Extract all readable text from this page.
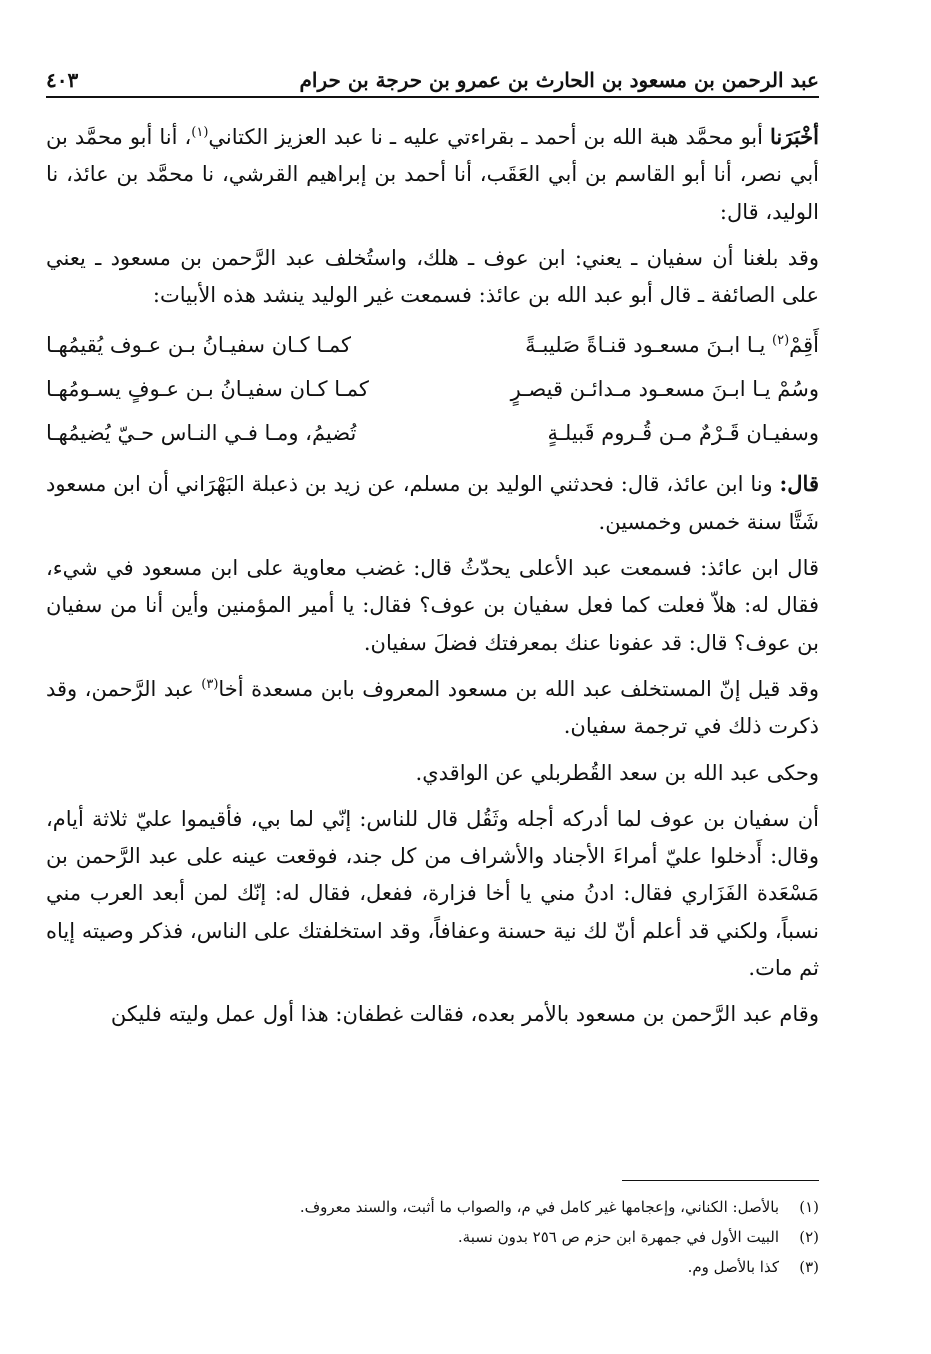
عبد الرحمن بن مسعود بن الحارث بن عمرو بن حرجة بن حرام
٤٠٣

أخْبَرَنا أبو محمَّد هبة الله بن أحمد ـ بقراءتي عليه ـ نا عبد العزيز الكتاني$^{(١)}$، أنا أبو محمَّد بن أبي نصر، أنا أبو القاسم بن أبي العَقَب، أنا أحمد بن إبراهيم القرشي، نا محمَّد بن عائذ، نا الوليد، قال:

وقد بلغنا أن سفيان ـ يعني: ابن عوف ـ هلك، واستُخلف عبد الرَّحمن بن مسعود ـ يعني على الصائفة ـ قال أبو عبد الله بن عائذ: فسمعت غير الوليد ينشد هذه الأبيات:

أَقِمْ$^{(٢)}$ يـا ابـنَ مسعـود قنـاةً صَليبـةً
كمـا كـان سفيـانُ بـن عـوف يُقيمُهـا
وسُمْ يـا ابـنَ مسعـود مـدائـن قيصـرٍ
كمـا كـان سفيـانُ بـن عـوفٍ يسـومُهـا
وسفيـان قَـرْمٌ مـن قُـروم قَبيلـةٍ
تُضيمُ، ومـا فـي النـاس حـيّ يُضيمُهـا

قال: ونا ابن عائذ، قال: فحدثني الوليد بن مسلم، عن زيد بن ذعبلة البَهْرَاني أن ابن مسعود شَتَّا سنة خمس وخمسين.

قال ابن عائذ: فسمعت عبد الأعلى يحدّثُ قال: غضب معاوية على ابن مسعود في شيء، فقال له: هلاّ فعلت كما فعل سفيان بن عوف؟ فقال: يا أمير المؤمنين وأين أنا من سفيان بن عوف؟ قال: قد عفونا عنك بمعرفتك فضلَ سفيان.

وقد قيل إنّ المستخلف عبد الله بن مسعود المعروف بابن مسعدة أخا$^{(٣)}$ عبد الرَّحمن، وقد ذكرت ذلك في ترجمة سفيان.

وحكى عبد الله بن سعد القُطربلي عن الواقدي.

أن سفيان بن عوف لما أدركه أجله وثَقُل قال للناس: إنّي لما بي، فأقيموا عليّ ثلاثة أيام، وقال: أَدخلوا عليّ أمراءَ الأجناد والأشراف من كل جند، فوقعت عينه على عبد الرَّحمن بن مَسْعَدة الفَزَاري فقال: ادنُ مني يا أخا فزارة، ففعل، فقال له: إنّك لمن أبعد العرب مني نسباً، ولكني قد أعلم أنّ لك نية حسنة وعفافاً، وقد استخلفتك على الناس، فذكر وصيته إياه ثم مات.

وقام عبد الرَّحمن بن مسعود بالأمر بعده، فقالت غطفان: هذا أول عمل وليته فليكن

(١)
بالأصل: الكناني، وإعجامها غير كامل في م، والصواب ما أثبت، والسند معروف.
(٢)
البيت الأول في جمهرة ابن حزم ص ٢٥٦ بدون نسبة.
(٣)
كذا بالأصل وم.
